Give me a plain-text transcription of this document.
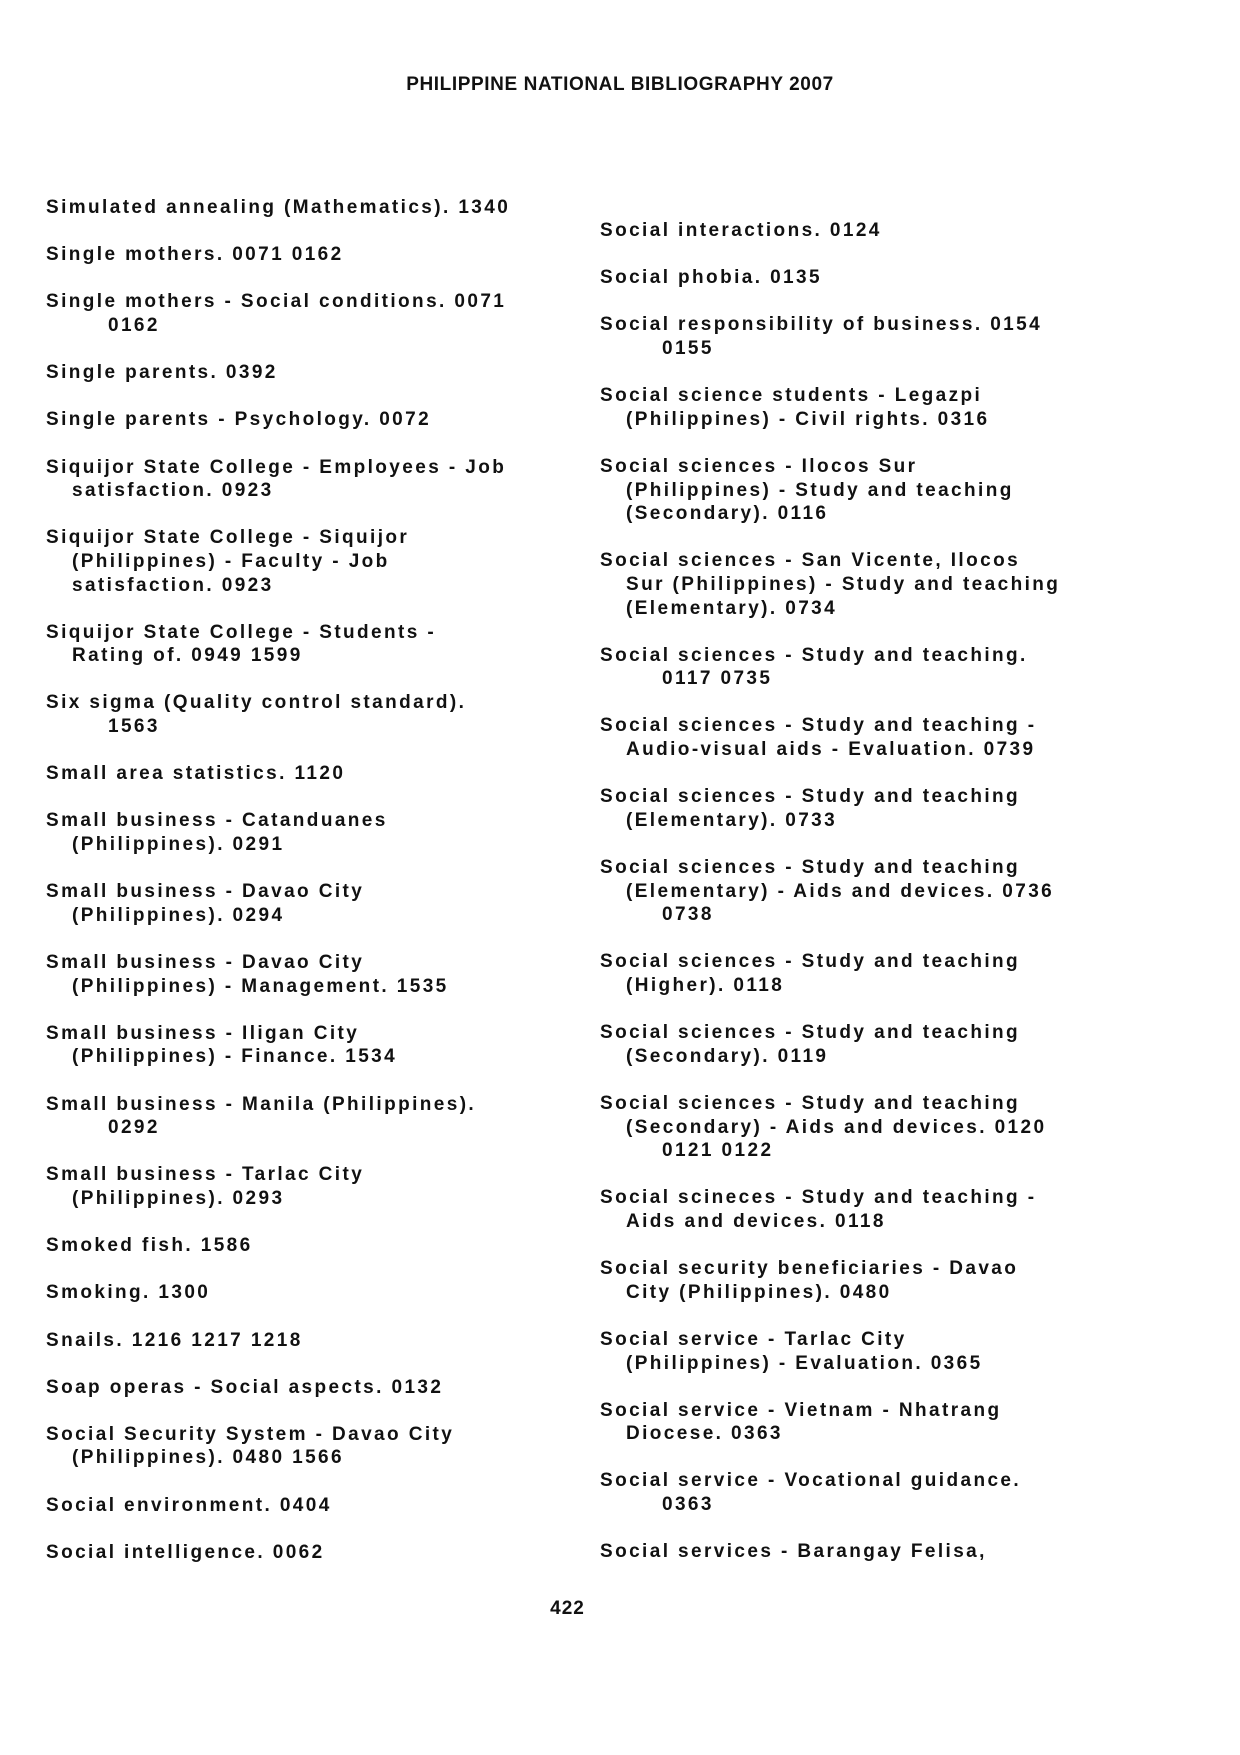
PHILIPPINE NATIONAL BIBLIOGRAPHY 2007
Simulated annealing (Mathematics). 1340
Single mothers. 0071 0162
Single mothers - Social conditions. 0071
0162
Single parents. 0392
Single parents - Psychology. 0072
Siquijor State College - Employees - Job
satisfaction. 0923
Siquijor State College - Siquijor
(Philippines) - Faculty - Job
satisfaction. 0923
Siquijor State College - Students -
Rating of. 0949 1599
Six sigma (Quality control standard).
1563
Small area statistics. 1120
Small business - Catanduanes
(Philippines). 0291
Small business - Davao City
(Philippines). 0294
Small business - Davao City
(Philippines) - Management. 1535
Small business - Iligan City
(Philippines) - Finance. 1534
Small business - Manila (Philippines).
0292
Small business - Tarlac City
(Philippines). 0293
Smoked fish. 1586
Smoking. 1300
Snails. 1216 1217 1218
Soap operas - Social aspects. 0132
Social Security System - Davao City
(Philippines). 0480 1566
Social environment. 0404
Social intelligence. 0062
Social interactions. 0124
Social phobia. 0135
Social responsibility of business. 0154
0155
Social science students - Legazpi
(Philippines) - Civil rights. 0316
Social sciences - Ilocos Sur
(Philippines) - Study and teaching
(Secondary). 0116
Social sciences - San Vicente, Ilocos
Sur (Philippines) - Study and teaching
(Elementary). 0734
Social sciences - Study and teaching.
0117 0735
Social sciences - Study and teaching -
Audio-visual aids - Evaluation. 0739
Social sciences - Study and teaching
(Elementary). 0733
Social sciences - Study and teaching
(Elementary) - Aids and devices. 0736
0738
Social sciences - Study and teaching
(Higher). 0118
Social sciences - Study and teaching
(Secondary). 0119
Social sciences - Study and teaching
(Secondary) - Aids and devices. 0120
0121 0122
Social scineces - Study and teaching -
Aids and devices. 0118
Social security beneficiaries - Davao
City (Philippines). 0480
Social service - Tarlac City
(Philippines) - Evaluation. 0365
Social service - Vietnam - Nhatrang
Diocese. 0363
Social service - Vocational guidance.
0363
Social services - Barangay Felisa,
422
